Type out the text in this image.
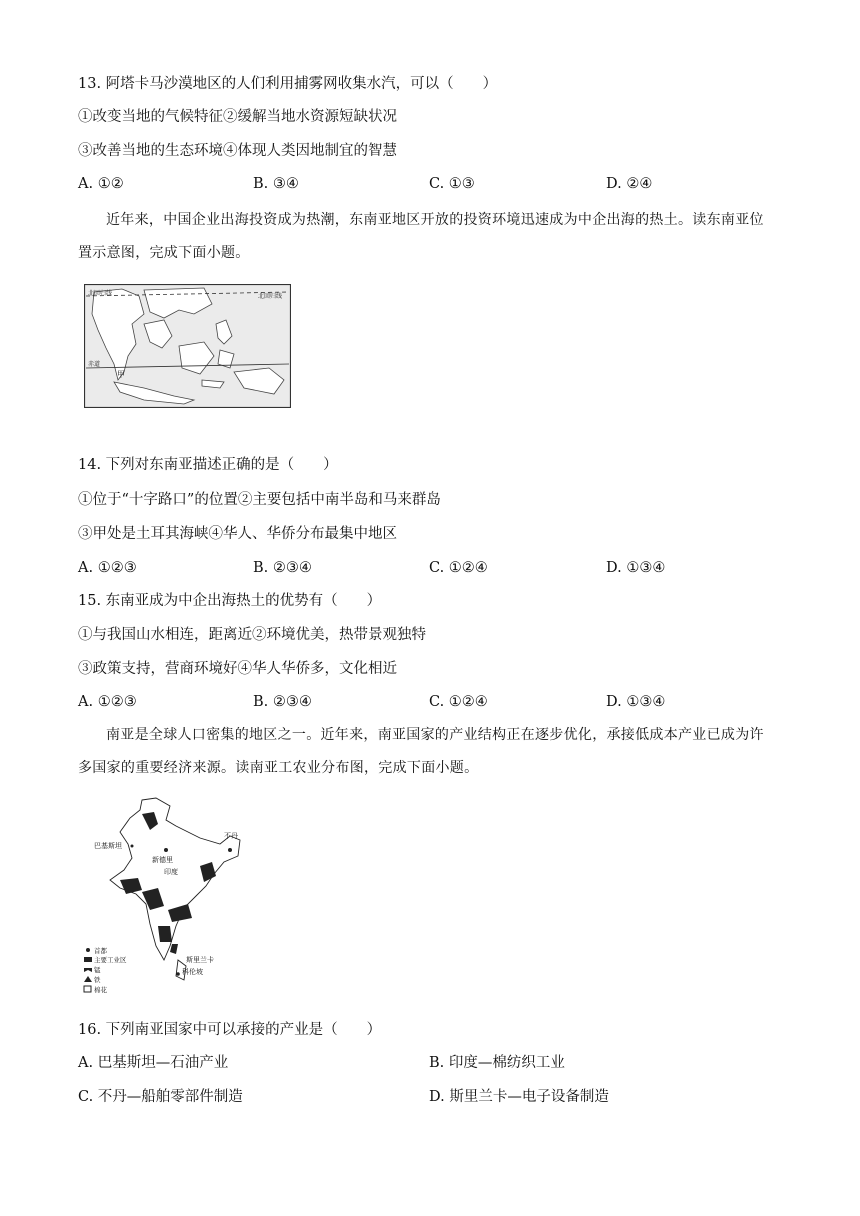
13. 阿塔卡马沙漠地区的人们利用捕雾网收集水汽，可以（　　）
①改变当地的气候特征②缓解当地水资源短缺状况
③改善当地的生态环境④体现人类因地制宜的智慧
A. ①②	B. ③④	C. ①③	D. ②④
近年来，中国企业出海投资成为热潮，东南亚地区开放的投资环境迅速成为中企出海的热土。读东南亚位置示意图，完成下面小题。
北回归线	北回归线
赤道
甲
14. 下列对东南亚描述正确的是（　　）
①位于“十字路口”的位置②主要包括中南半岛和马来群岛
③甲处是土耳其海峡④华人、华侨分布最集中地区
A. ①②③	B. ②③④	C. ①②④	D. ①③④
15. 东南亚成为中企出海热土的优势有（　　）
①与我国山水相连，距离近②环境优美，热带景观独特
③政策支持，营商环境好④华人华侨多，文化相近
A. ①②③	B. ②③④	C. ①②④	D. ①③④
南亚是全球人口密集的地区之一。近年来，南亚国家的产业结构正在逐步优化，承接低成本产业已成为许多国家的重要经济来源。读南亚工农业分布图，完成下面小题。
巴基斯坦
不丹
新德里
印度
斯里兰卡
科伦坡
首都
主要工业区
锰
铁
棉花
16. 下列南亚国家中可以承接的产业是（　　）
A. 巴基斯坦—石油产业	B. 印度—棉纺织工业
C. 不丹—船舶零部件制造	D. 斯里兰卡—电子设备制造
